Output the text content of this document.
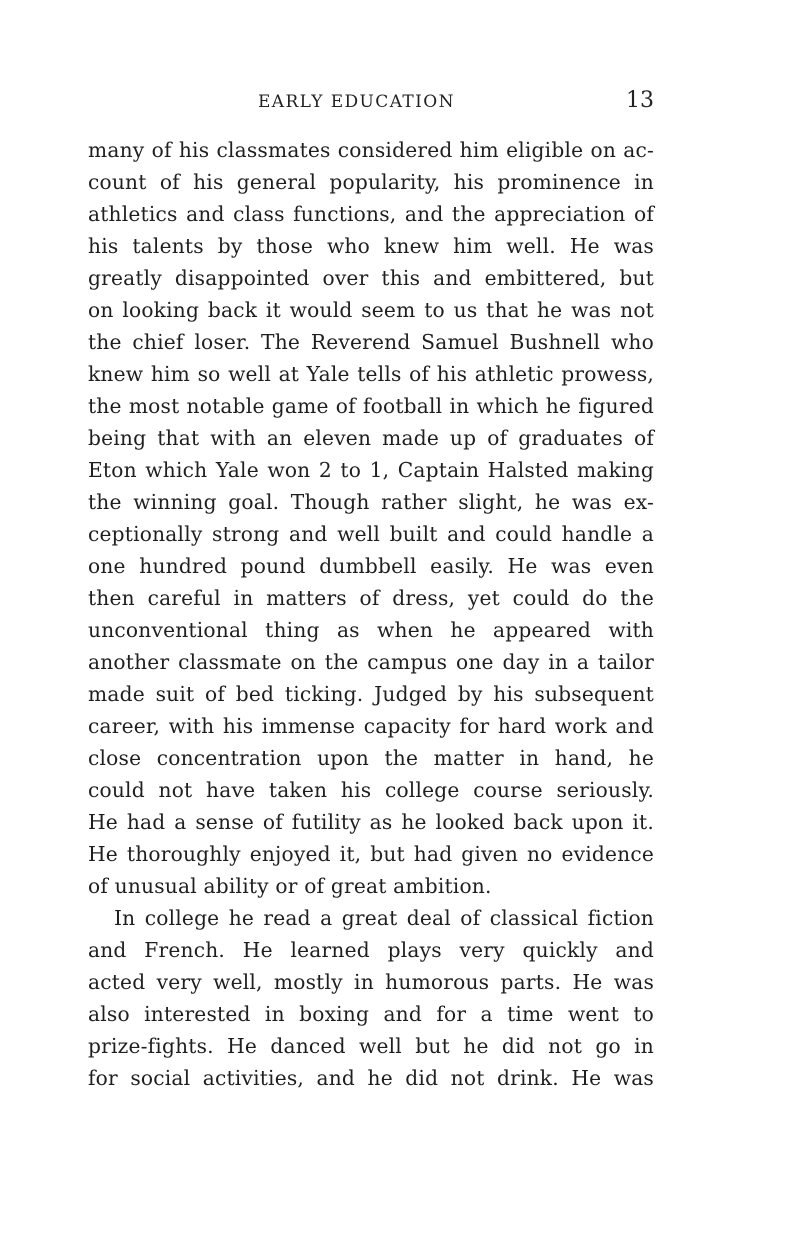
EARLY EDUCATION	13
many of his classmates considered him eligible on ac-
count of his general popularity, his prominence in
athletics and class functions, and the appreciation of
his talents by those who knew him well. He was
greatly disappointed over this and embittered, but
on looking back it would seem to us that he was not
the chief loser. The Reverend Samuel Bushnell who
knew him so well at Yale tells of his athletic prowess,
the most notable game of football in which he figured
being that with an eleven made up of graduates of
Eton which Yale won 2 to 1, Captain Halsted making
the winning goal. Though rather slight, he was ex-
ceptionally strong and well built and could handle a
one hundred pound dumbbell easily. He was even
then careful in matters of dress, yet could do the
unconventional thing as when he appeared with
another classmate on the campus one day in a tailor
made suit of bed ticking. Judged by his subsequent
career, with his immense capacity for hard work and
close concentration upon the matter in hand, he
could not have taken his college course seriously.
He had a sense of futility as he looked back upon it.
He thoroughly enjoyed it, but had given no evidence
of unusual ability or of great ambition.
In college he read a great deal of classical fiction
and French. He learned plays very quickly and
acted very well, mostly in humorous parts. He was
also interested in boxing and for a time went to
prize-fights. He danced well but he did not go in
for social activities, and he did not drink. He was
